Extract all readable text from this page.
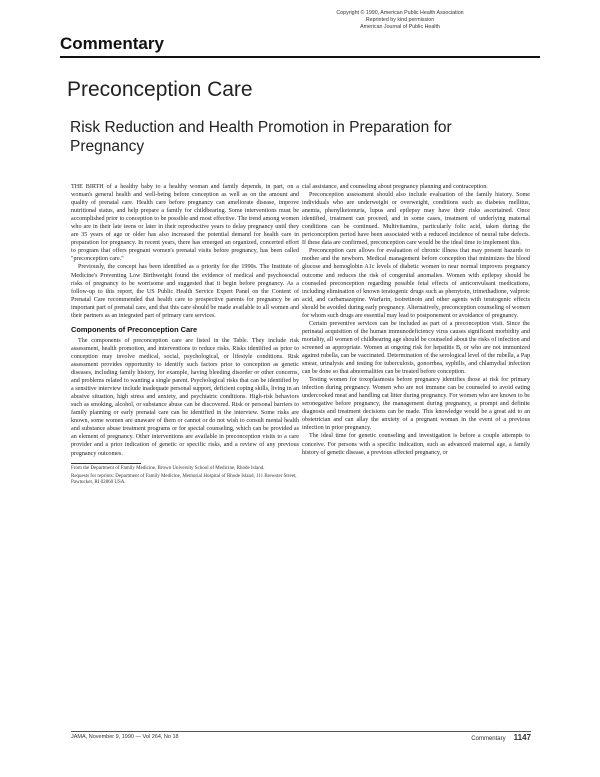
Copyright © 1990, American Public Health Association
Reprinted by kind permission
American Journal of Public Health
Commentary
Preconception Care
Risk Reduction and Health Promotion in Preparation for Pregnancy

THE BIRTH of a healthy baby to a healthy woman and family depends, in part, on a woman's general health and well-being before conception as well as on the amount and quality of prenatal care. Health care before pregnancy can ameliorate disease, improve nutritional status, and help prepare a family for childbearing. Some interventions must be accomplished prior to conception to be possible and most effective. The trend among women who are in their late teens or later in their reproductive years to delay pregnancy until they are 35 years of age or older has also increased the potential demand for health care in preparation for pregnancy. In recent years, there has emerged an organized, concerted effort to program that offers pregnant women's prenatal visits before pregnancy, has been called "preconception care."

Previously, the concept has been identified as a priority for the 1990s. The Institute of Medicine's Preventing Low Birthweight found the evidence of medical and psychosocial risks of pregnancy to be worrisome and suggested that it begin before pregnancy. As a follow-up to this report, the US Public Health Service Expert Panel on the Content of Prenatal Care recommended that health care to prospective parents for pregnancy be an important part of prenatal care, and that this care should be made available to all women and their partners as an integrated part of primary care services.

Components of Preconception Care

The components of preconception care are listed in the Table. They include risk assessment, health promotion, and interventions to reduce risks. Risks identified as prior to conception may involve medical, social, psychological, or lifestyle conditions. Risk assessment provides opportunity to identify such factors prior to conception as genetic diseases, including family history, for example, having bleeding disorder or other concerns, and problems related to wanting a single parent. Psychological risks that can be identified by a sensitive interview include inadequate personal support, deficient coping skills, living in an abusive situation, high stress and anxiety, and psychiatric conditions. High-risk behaviors such as smoking, alcohol, or substance abuse can be discovered. Risk or personal barriers to family planning or early prenatal care can be identified in the interview. Some risks are known, some women are unaware of them or cannot or do not wish to consult mental health and substance abuse treatment programs or for special counseling, which can be provided as an element of pregnancy. Other interventions are available in preconception visits to a care provider and a prior indication of genetic or specific risks, and a review of any previous pregnancy outcomes.

From the Department of Family Medicine, Brown University School of Medicine, Rhode Island.

Requests for reprints: Department of Family Medicine, Memorial Hospital of Rhode Island, 111 Brewster Street, Pawtucket, RI 02860 USA.

cial assistance, and counseling about pregnancy planning and contraception.

Preconception assessment should also include evaluation of the family history. Some individuals who are underweight or overweight, conditions such as diabetes mellitus, anemia, phenylketonuria, lupus and epilepsy may have their risks ascertained. Once identified, treatment can proceed, and in some cases, treatment of underlying maternal conditions can be continued. Multivitamins, particularly folic acid, taken during the periconception period have been associated with a reduced incidence of neural tube defects. If these data are confirmed, preconception care would be the ideal time to implement this.

Preconception care allows for evaluation of chronic illness that may present hazards to mother and the newborn. Medical management before conception that minimizes the blood glucose and hemoglobin A1c levels of diabetic women to near normal improves pregnancy outcome and reduces the risk of congenital anomalies. Women with epilepsy should be counseled preconception regarding possible fetal effects of anticonvulsant medications, including elimination of known teratogenic drugs such as phenytoin, trimethadione, valproic acid, and carbamazepine. Warfarin, isotretinoin and other agents with teratogenic effects should be avoided during early pregnancy. Alternatively, preconception counseling of women for whom such drugs are essential may lead to postponement or avoidance of pregnancy.

Certain preventive services can be included as part of a preconception visit. Since the perinatal acquisition of the human immunodeficiency virus causes significant morbidity and mortality, all women of childbearing age should be counseled about the risks of infection and screened as appropriate. Women at ongoing risk for hepatitis B, or who are not immunized against rubella, can be vaccinated. Determination of the serological level of the rubella, a Pap smear, urinalysis and testing for tuberculosis, gonorrhea, syphilis, and chlamydial infection can be done so that abnormalities can be treated before conception.

Testing women for toxoplasmosis before pregnancy identifies those at risk for primary infection during pregnancy. Women who are not immune can be counseled to avoid eating undercooked meat and handling cat litter during pregnancy. For women who are known to be seronegative before pregnancy, the management during pregnancy, a prompt and definite diagnosis and treatment decisions can be made. This knowledge would be a great aid to an obstetrician and can allay the anxiety of a pregnant woman in the event of a previous infection in prior pregnancy.

The ideal time for genetic counseling and investigation is before a couple attempts to conceive. For persons with a specific indication, such as advanced maternal age, a family history of genetic disease, a previous affected pregnancy, or

JAMA, November 9, 1990 — Vol 264, No 18	Commentary 1147
